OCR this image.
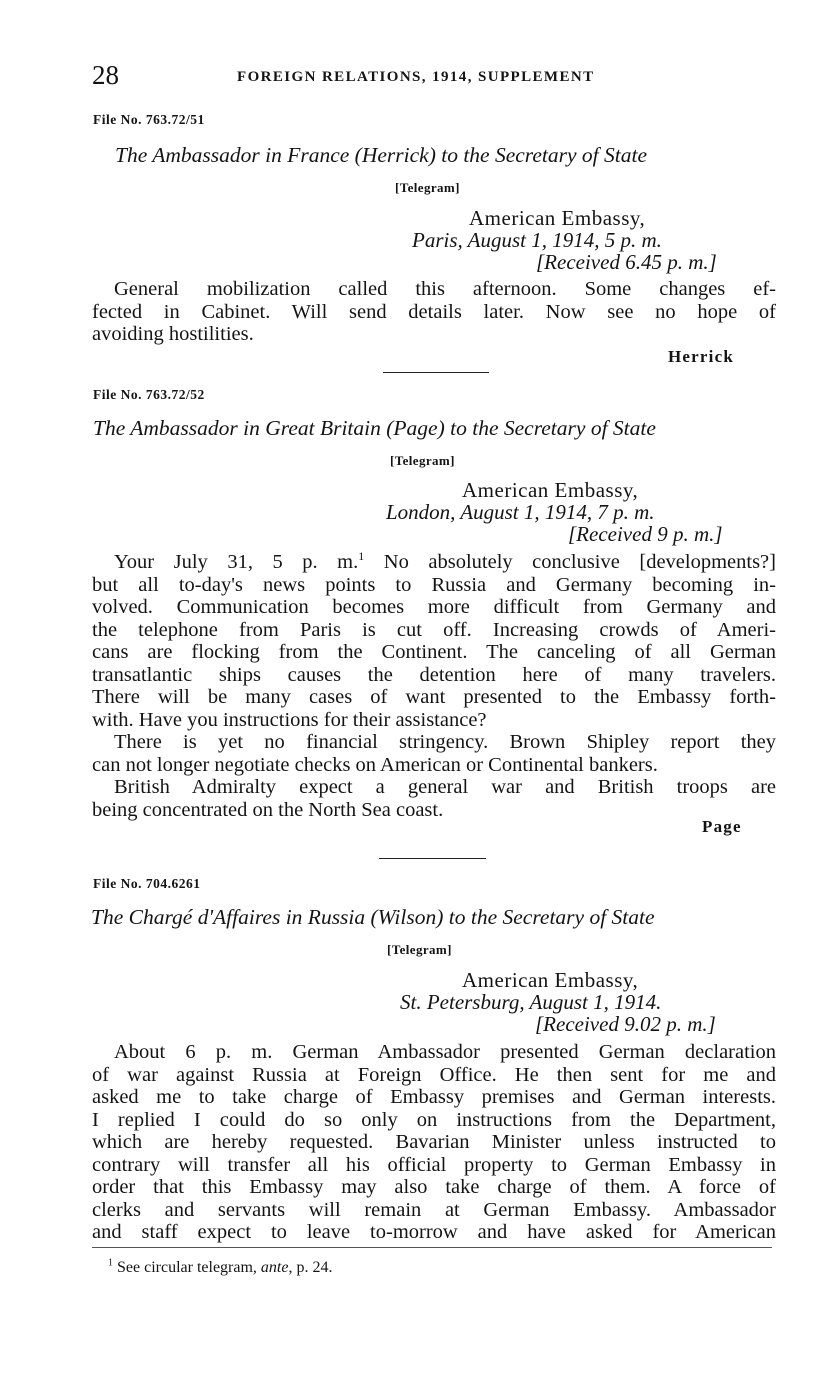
28	FOREIGN RELATIONS, 1914, SUPPLEMENT
File No. 763.72/51
The Ambassador in France (Herrick) to the Secretary of State
[Telegram]
American Embassy,
Paris, August 1, 1914, 5 p. m.
[Received 6.45 p. m.]
General mobilization called this afternoon. Some changes ef-
fected in Cabinet. Will send details later. Now see no hope of
avoiding hostilities.
Herrick
File No. 763.72/52
The Ambassador in Great Britain (Page) to the Secretary of State
[Telegram]
American Embassy,
London, August 1, 1914, 7 p. m.
[Received 9 p. m.]
Your July 31, 5 p. m.$^1$ No absolutely conclusive [developments?]
but all to-day's news points to Russia and Germany becoming in-
volved. Communication becomes more difficult from Germany and
the telephone from Paris is cut off. Increasing crowds of Ameri-
cans are flocking from the Continent. The canceling of all German
transatlantic ships causes the detention here of many travelers.
There will be many cases of want presented to the Embassy forth-
with. Have you instructions for their assistance?
There is yet no financial stringency. Brown Shipley report they
can not longer negotiate checks on American or Continental bankers.
British Admiralty expect a general war and British troops are
being concentrated on the North Sea coast.
Page
File No. 704.6261
The Chargé d'Affaires in Russia (Wilson) to the Secretary of State
[Telegram]
American Embassy,
St. Petersburg, August 1, 1914.
[Received 9.02 p. m.]
About 6 p. m. German Ambassador presented German declaration
of war against Russia at Foreign Office. He then sent for me and
asked me to take charge of Embassy premises and German interests.
I replied I could do so only on instructions from the Department,
which are hereby requested. Bavarian Minister unless instructed to
contrary will transfer all his official property to German Embassy in
order that this Embassy may also take charge of them. A force of
clerks and servants will remain at German Embassy. Ambassador
and staff expect to leave to-morrow and have asked for American
$^1$ See circular telegram, ante, p. 24.
